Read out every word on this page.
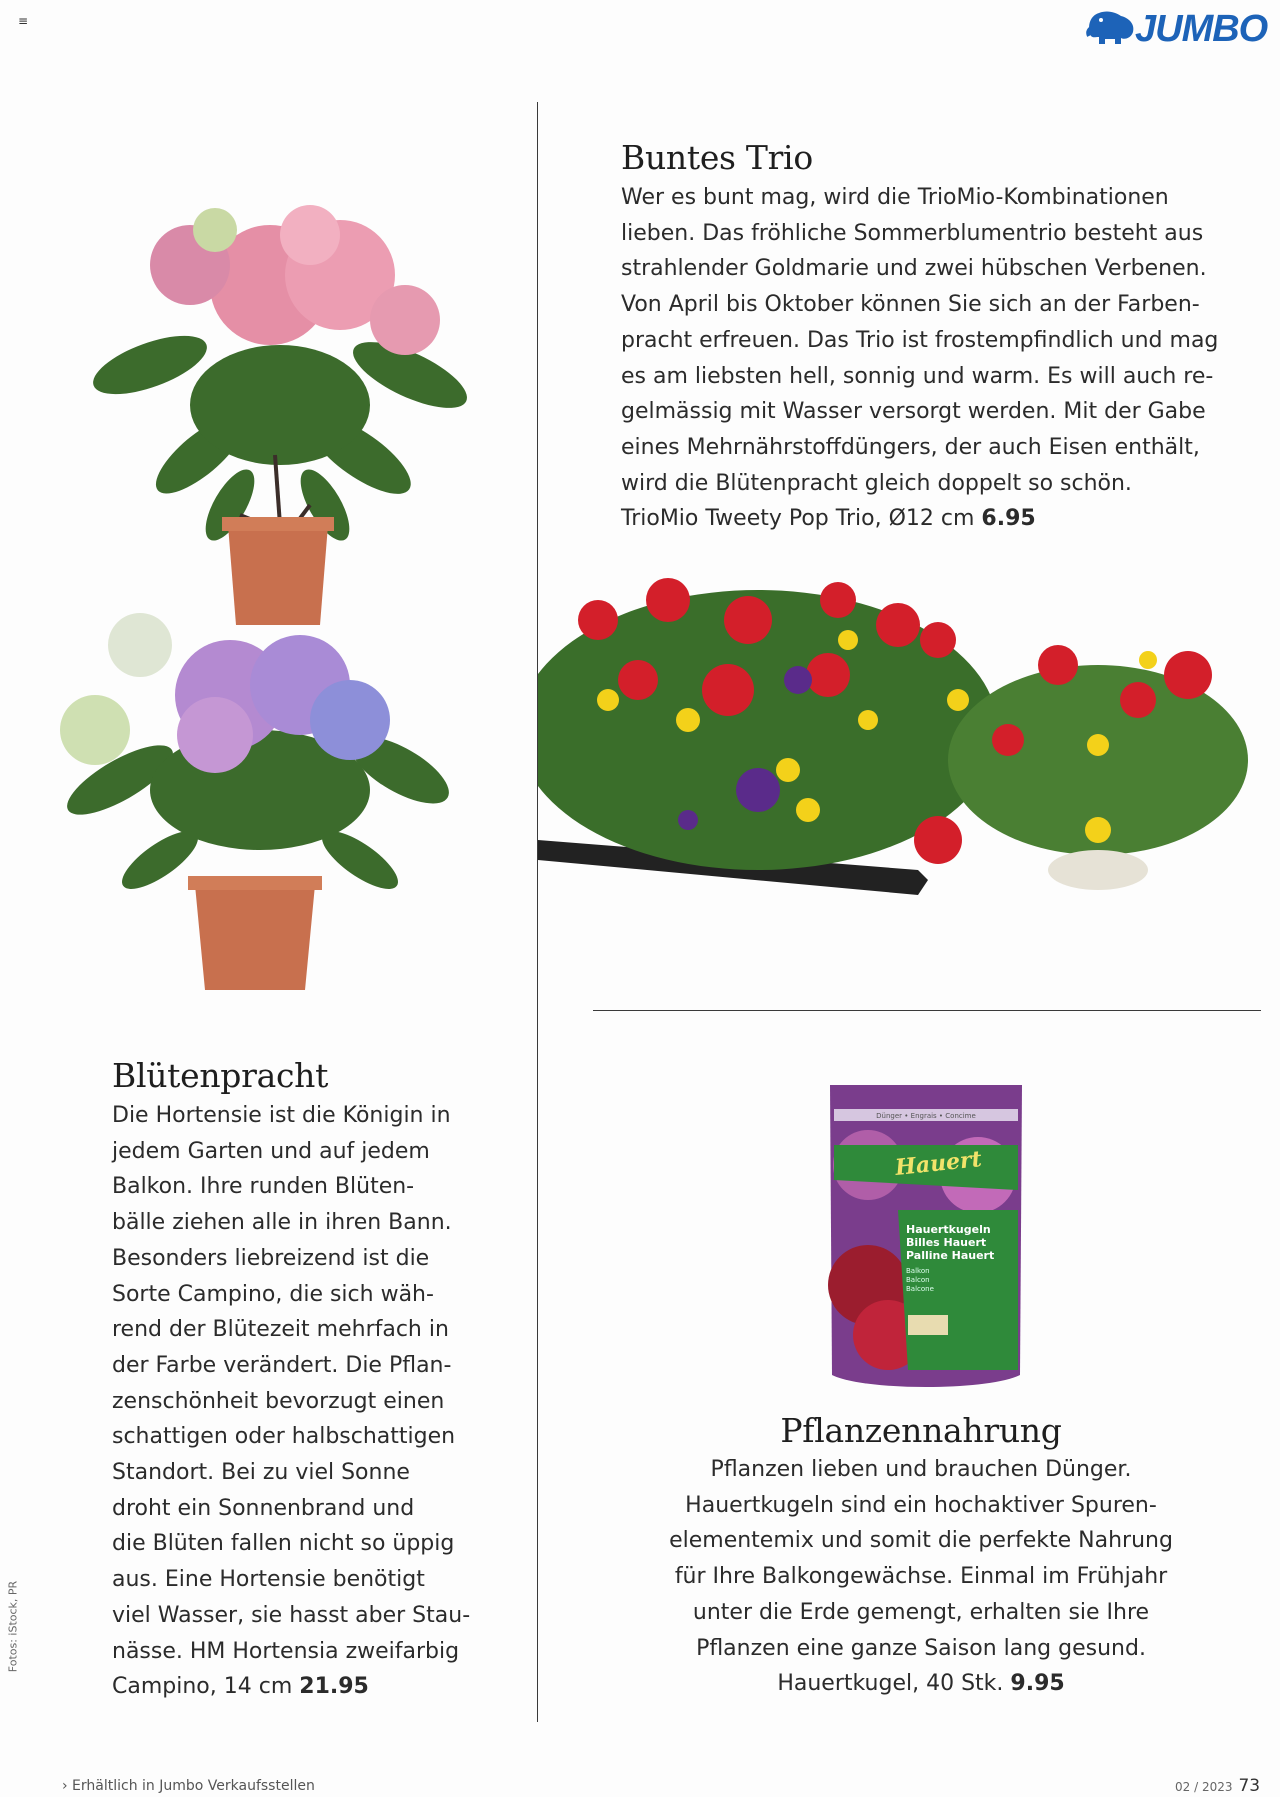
≡	JUMBO
Dünger • Engrais • Concime
Hauert
Hauertkugeln
Billes Hauert
Palline Hauert
Balkon
Balcon
Balcone
Buntes Trio

Wer es bunt mag, wird die TrioMio-Kombinationen

lieben. Das fröhliche Sommerblumentrio besteht aus

strahlender Goldmarie und zwei hübschen Verbenen.

Von April bis Oktober können Sie sich an der Farben-

pracht erfreuen. Das Trio ist frostempfindlich und mag

es am liebsten hell, sonnig und warm. Es will auch re-

gelmässig mit Wasser versorgt werden. Mit der Gabe

eines Mehrnährstoffdüngers, der auch Eisen enthält,

wird die Blütenpracht gleich doppelt so schön.

TrioMio Tweety Pop Trio, Ø12 cm 6.95

Blütenpracht

Die Hortensie ist die Königin in

jedem Garten und auf jedem

Balkon. Ihre runden Blüten-

bälle ziehen alle in ihren Bann.

Besonders liebreizend ist die

Sorte Campino, die sich wäh-

rend der Blütezeit mehrfach in

der Farbe verändert. Die Pflan-

zenschönheit bevorzugt einen

schattigen oder halbschattigen

Standort. Bei zu viel Sonne

droht ein Sonnenbrand und

die Blüten fallen nicht so üppig

aus. Eine Hortensie benötigt

viel Wasser, sie hasst aber Stau-

nässe. HM Hortensia zweifarbig

Campino, 14 cm 21.95

Pflanzennahrung

Pflanzen lieben und brauchen Dünger.

Hauertkugeln sind ein hochaktiver Spuren-

elementemix und somit die perfekte Nahrung

für Ihre Balkongewächse. Einmal im Frühjahr

unter die Erde gemengt, erhalten sie Ihre

Pflanzen eine ganze Saison lang gesund.

Hauertkugel, 40 Stk. 9.95

Fotos: iStock, PR
› Erhältlich in Jumbo Verkaufsstellen	02 / 2023 73
